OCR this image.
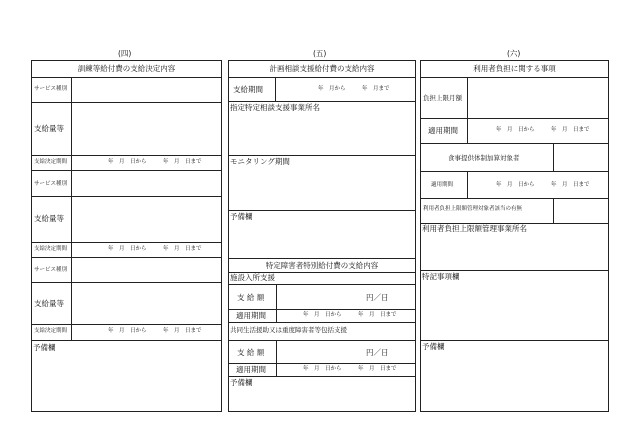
(四)
訓練等給付費の支給決定内容
サービス種別
支給量等
支給決定期間	年　月　日から　　　年　月　日まで
サービス種別
支給量等
支給決定期間	年　月　日から　　　年　月　日まで
サービス種別
支給量等
支給決定期間	年　月　日から　　　年　月　日まで
予備欄
(五)
計画相談支援給付費の支給内容
支給期間	年　月から　　　年　月まで
指定特定相談支援事業所名
モニタリング期間
予備欄
特定障害者特別給付費の支給内容
施設入所支援
支 給 額	円／日
適用期間	年　月　日から　　　年　月　日まで
共同生活援助又は重度障害者等包括支援
支 給 額	円／日
適用期間	年　月　日から　　　年　月　日まで
予備欄
(六)
利用者負担に関する事項
負担上限月額
適用期間	年　月　日から　　　年　月　日まで
食事提供体制加算対象者
適用期間	年　月　日から　　　年　月　日まで
利用者負担上限額管理対象者該当の有無
利用者負担上限額管理事業所名
特記事項欄
予備欄
